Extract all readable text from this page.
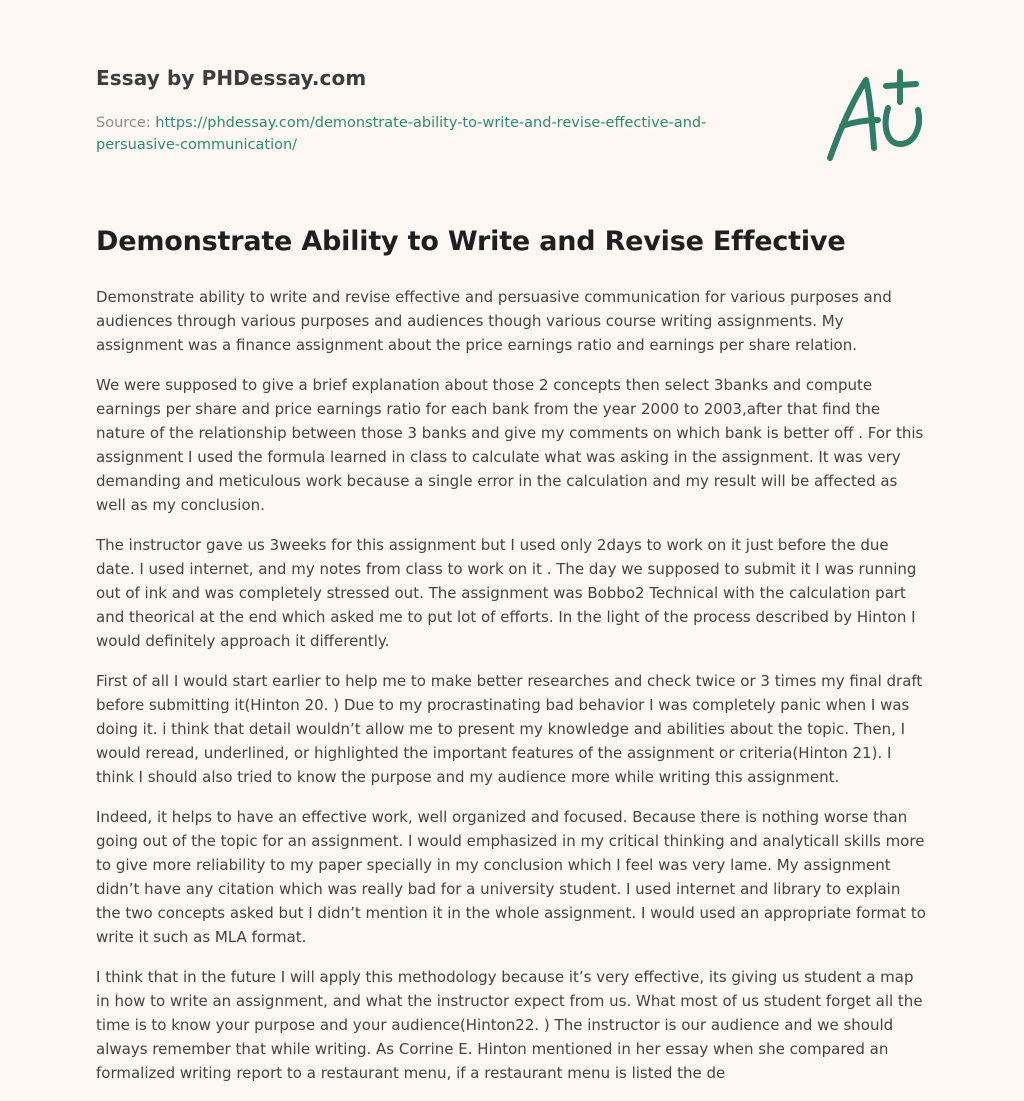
Essay by PHDessay.com

Source: https://phdessay.com/demonstrate-ability-to-write-and-revise-effective-and-persuasive-communication/

Demonstrate Ability to Write and Revise Effective

Demonstrate ability to write and revise effective and persuasive communication for various purposes and audiences through various purposes and audiences though various course writing assignments. My assignment was a finance assignment about the price earnings ratio and earnings per share relation.

We were supposed to give a brief explanation about those 2 concepts then select 3banks and compute earnings per share and price earnings ratio for each bank from the year 2000 to 2003,after that find the nature of the relationship between those 3 banks and give my comments on which bank is better off . For this assignment I used the formula learned in class to calculate what was asking in the assignment. It was very demanding and meticulous work because a single error in the calculation and my result will be affected as well as my conclusion.

The instructor gave us 3weeks for this assignment but I used only 2days to work on it just before the due date. I used internet, and my notes from class to work on it . The day we supposed to submit it I was running out of ink and was completely stressed out. The assignment was Bobbo2 Technical with the calculation part and theorical at the end which asked me to put lot of efforts. In the light of the process described by Hinton I would definitely approach it differently.

First of all I would start earlier to help me to make better researches and check twice or 3 times my final draft before submitting it(Hinton 20. ) Due to my procrastinating bad behavior I was completely panic when I was doing it. i think that detail wouldn’t allow me to present my knowledge and abilities about the topic. Then, I would reread, underlined, or highlighted the important features of the assignment or criteria(Hinton 21). I think I should also tried to know the purpose and my audience more while writing this assignment.

Indeed, it helps to have an effective work, well organized and focused. Because there is nothing worse than going out of the topic for an assignment. I would emphasized in my critical thinking and analyticall skills more to give more reliability to my paper specially in my conclusion which I feel was very lame. My assignment didn’t have any citation which was really bad for a university student. I used internet and library to explain the two concepts asked but I didn’t mention it in the whole assignment. I would used an appropriate format to write it such as MLA format.

I think that in the future I will apply this methodology because it’s very effective, its giving us student a map in how to write an assignment, and what the instructor expect from us. What most of us student forget all the time is to know your purpose and your audience(Hinton22. ) The instructor is our audience and we should always remember that while writing. As Corrine E. Hinton mentioned in her essay when she compared an formalized writing report to a restaurant menu, if a restaurant menu is listed the de
